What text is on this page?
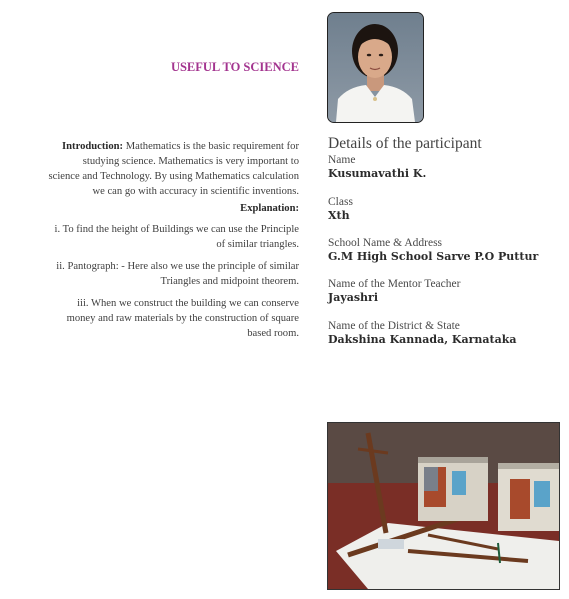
USEFUL TO SCIENCE

Introduction: Mathematics is the basic requirement for

studying science. Mathematics is very important to

science and Technology. By using Mathematics calculation

we can go with accuracy in scientific inventions.

Explanation:

i. To find the height of Buildings we can use the Principle

of similar triangles.

ii. Pantograph: - Here also we use the principle of similar

Triangles and midpoint theorem.

iii. When we construct the building we can conserve

money and raw materials by the construction of square

based room.

Details of the participant
Name
Kusumavathi K.
Class
Xth
School Name & Address
G.M High School Sarve P.O Puttur
Name of the Mentor Teacher
Jayashri
Name of the District & State
Dakshina Kannada, Karnataka
